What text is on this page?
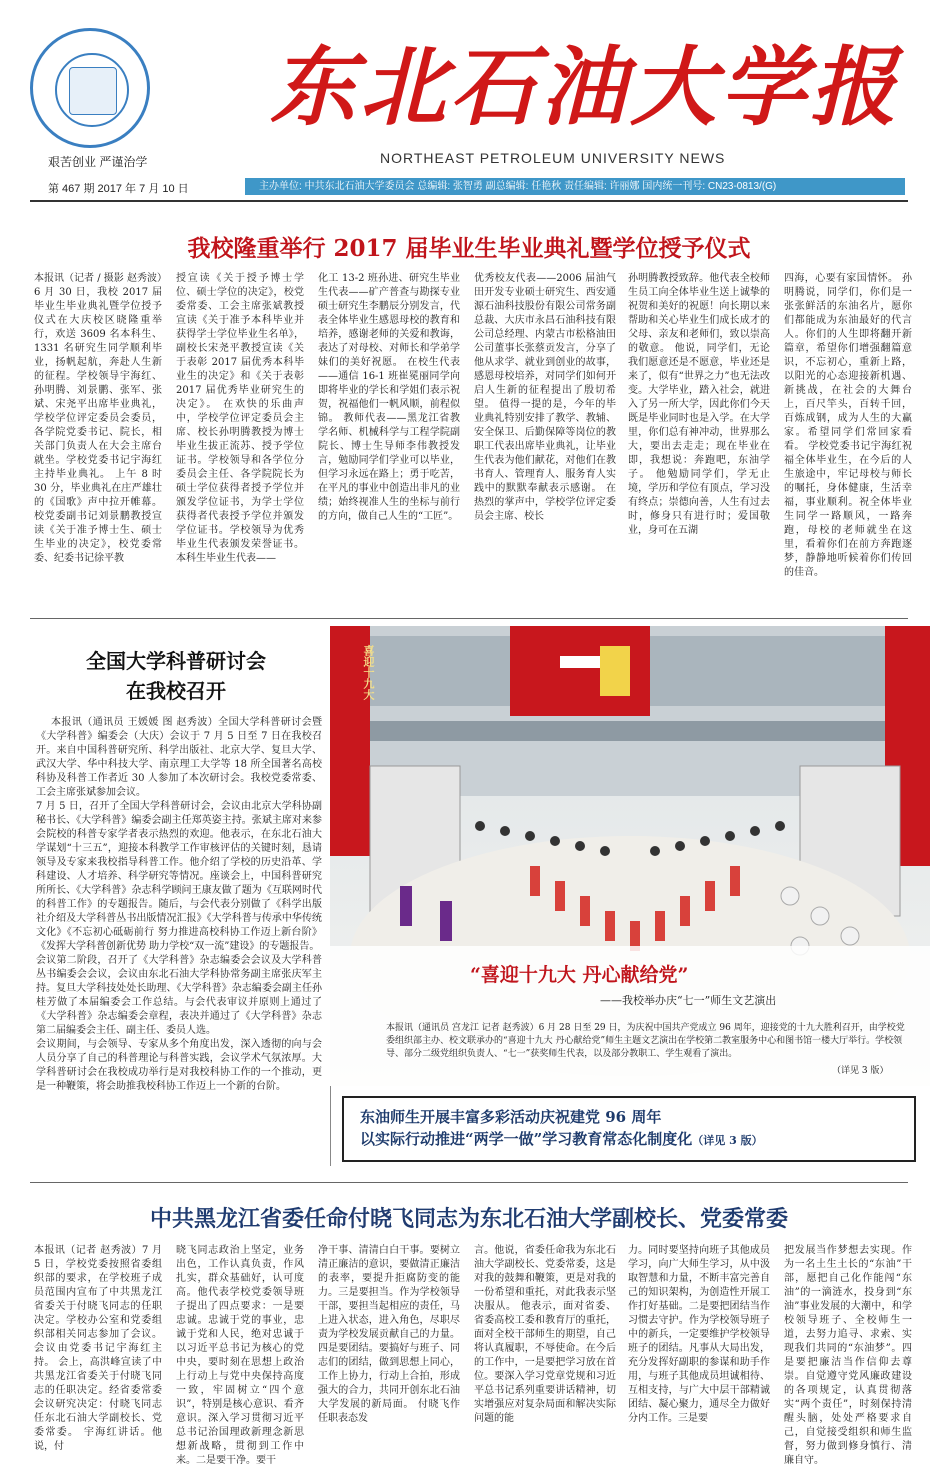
东北石油大学报
NORTHEAST PETROLEUM UNIVERSITY NEWS
艰苦创业 严谨治学
第 467 期 2017 年 7 月 10 日	主办单位: 中共东北石油大学委员会 总编辑: 张智勇 副总编辑: 任艳秋 责任编辑: 许丽娜 国内统一刊号: CN23-0813/(G)
我校隆重举行 2017 届毕业生毕业典礼暨学位授予仪式
本报讯（记者 / 摄影 赵秀波）6 月 30 日，我校 2017 届毕业生毕业典礼暨学位授予仪式在大庆校区晓隆重举行，欢送 3609 名本科生、1331 名研究生同学顺利毕业，扬帆起航，奔赴人生新的征程。学校领导宇海红、孙明腾、刘景鹏、张军、张斌、宋尧平出席毕业典礼，学校学位评定委员会委员，各学院党委书记、院长，相关部门负责人在大会主席台就坐。学校党委书记宇海红主持毕业典礼。 上午 8 时 30 分，毕业典礼在庄严雄壮的《国歌》声中拉开帷幕。 校党委副书记刘景鹏教授宣读《关于准予博士生、硕士生毕业的决定》，校党委常委、纪委书记徐平教
授宣读《关于授予博士学位、硕士学位的决定》，校党委常委、工会主席张斌教授宣读《关于准予本科毕业并获得学士学位毕业生名单》，副校长宋尧平教授宣读《关于表彰 2017 届优秀本科毕业生的决定》和《关于表彰 2017 届优秀毕业研究生的决定》。 在欢快的乐曲声中，学校学位评定委员会主席、校长孙明腾教授为博士毕业生拔正流苏、授予学位证书。学校领导和各学位分委员会主任、各学院院长为硕士学位获得者授予学位并颁发学位证书，为学士学位获得者代表授予学位并颁发学位证书。学校领导为优秀毕业生代表颁发荣誉证书。 本科生毕业生代表——
化工 13-2 班孙进、研究生毕业生代表——矿产普查与勘探专业硕士研究生李鹏辰分别发言，代表全体毕业生感恩母校的教育和培养，感谢老师的关爱和教诲，表达了对母校、对师长和学弟学妹们的美好祝愿。 在校生代表——通信 16-1 班崔冕丽同学向即将毕业的学长和学姐们表示祝贺，祝福他们一帆风顺，前程似锦。 教师代表——黑龙江省教学名师、机械科学与工程学院副院长、博士生导师李伟教授发言，勉励同学们学业可以毕业，但学习永远在路上；勇于吃苦，在平凡的事业中创造出非凡的业绩；始终视准人生的坐标与前行的方向，做自己人生的“工匠”。
优秀校友代表——2006 届油气田开发专业硕士研究生、西安通源石油科技股份有限公司常务副总裁、大庆市永昌石油科技有限公司总经理、内蒙古市松格油田公司董事长张蔡贡发言，分享了他从求学、就业到创业的故事，感恩母校培养，对同学们如何开启人生新的征程提出了殷切希望。 值得一提的是，今年的毕业典礼特别安排了教学、教辅、安全保卫、后勤保障等岗位的教职工代表出席毕业典礼，让毕业生代表为他们献花，对他们在教书育人、管理育人、服务育人实践中的默默奉献表示感谢。 在热烈的掌声中，学校学位评定委员会主席、校长
孙明腾教授致辞。他代表全校师生员工向全体毕业生送上诚挚的祝贺和美好的祝愿！向长期以来帮助和关心毕业生们成长成才的父母、亲友和老师们，致以崇高的敬意。 他说，同学们，无论我们愿意还是不愿意，毕业还是来了，似有“世界之力”也无法改变。大学毕业，踏入社会，就进入了另一所大学，因此你们今天既是毕业同时也是入学。在大学里，你们总有神冲动，世界那么大，要出去走走；现在毕业在即，我想说：奔跑吧，东油学子。 他勉励同学们，学无止境，学历和学位有顶点，学习没有终点；崇德向善，人生有过去时，修身只有进行时；爱国敬业，身可在五湖
四海，心要有家国情怀。 孙明腾说，同学们，你们是一张张鲜活的东油名片，愿你们都能成为东油最好的代言人。你们的人生即将翻开新篇章，希望你们增强翻篇意识，不忘初心，重新上路，以阳光的心态迎接新机遇、新挑战，在社会的大舞台上，百尺竿头，百转千回，百炼成钢，成为人生的大赢家。希望同学们常回家看看。 学校党委书记宇海红祝福全体毕业生，在今后的人生旅途中，牢记母校与师长的嘱托，身体健康，生活幸福，事业顺利。祝全体毕业生同学一路顺风，一路奔跑，母校的老师就坐在这里，看着你们在前方奔跑逐梦，静静地听候着你们传回的佳音。
全国大学科普研讨会
在我校召开
本报讯（通讯员 王媛媛 图 赵秀波）全国大学科普研讨会暨《大学科普》编委会（大庆）会议于 7 月 5 日至 7 日在我校召开。来自中国科普研究所、科学出版社、北京大学、复旦大学、武汉大学、华中科技大学、南京理工大学等 18 所全国著名高校科协及科普工作者近 30 人参加了本次研讨会。我校党委常委、工会主席张斌参加会议。
7 月 5 日，召开了全国大学科普研讨会，会议由北京大学科协副秘书长、《大学科普》编委会副主任郑英姿主持。张斌主席对来参会院校的科普专家学者表示热烈的欢迎。他表示，在东北石油大学谋划“十三五”，迎接本科教学工作审核评估的关键时刻，恳请领导及专家来我校指导科普工作。他介绍了学校的历史沿革、学科建设、人才培养、科学研究等情况。座谈会上，中国科普研究所所长、《大学科普》杂志科学顾问王康友做了题为《互联网时代的科普工作》的专题报告。随后，与会代表分别做了《科学出版社介绍及大学科普丛书出版情况汇报》《大学科普与传承中华传统文化》《不忘初心砥砺前行 努力推进高校科协工作迈上新台阶》《发挥大学科普创新优势 助力学校“双一流”建设》的专题报告。
会议第二阶段，召开了《大学科普》杂志编委会会议及大学科普丛书编委会会议，会议由东北石油大学科协常务副主席张庆军主持。复旦大学科技处处长助理、《大学科普》杂志编委会副主任孙桂芳做了本届编委会工作总结。与会代表审议并原则上通过了《大学科普》杂志编委会章程，表决并通过了《大学科普》杂志第二届编委会主任、副主任、委员人选。
会议期间，与会领导、专家从多个角度出发，深入透彻的向与会人员分享了自己的科普理论与科普实践，会议学术气氛浓厚。大学科普研讨会在我校成功举行是对我校科协工作的一个推动，更是一种鞭策，将会助推我校科协工作迈上一个新的台阶。
喜迎十九大
“喜迎十九大 丹心献给党”
——我校举办庆“七一”师生文艺演出
本报讯（通讯员 宫龙江 记者 赵秀波）6 月 28 日至 29 日，为庆祝中国共产党成立 96 周年，迎接党的十九大胜利召开，由学校党委组织部主办、校文联承办的“喜迎十九大 丹心献给党”师生主题文艺演出在学校第二教室服务中心和图书馆一楼大厅举行。学校领导、部分二级党组织负责人、“七一”获奖师生代表，以及部分教职工、学生观看了演出。
（详见 3 版）
东油师生开展丰富多彩活动庆祝建党 96 周年
以实际行动推进“两学一做”学习教育常态化制度化（详见 3 版）
中共黑龙江省委任命付晓飞同志为东北石油大学副校长、党委常委
本报讯（记者 赵秀波）7 月 5 日，学校党委按照省委组织部的要求，在学校班子成员范围内宣布了中共黑龙江省委关于付晓飞同志的任职决定。学校办公室和党委组织部相关同志参加了会议。会议由党委书记宇海红主持。 会上，高洪峰宣读了中共黑龙江省委关于付晓飞同志的任职决定。经省委常委会议研究决定：付晓飞同志任东北石油大学副校长、党委常委。 宇海红讲话。他说，付
晓飞同志政治上坚定，业务出色，工作认真负责，作风扎实，群众基础好，认可度高。他代表学校党委领导班子提出了四点要求：一是要忠诚。忠诚于党的事业，忠诚于党和人民，绝对忠诚于以习近平总书记为核心的党中央，要时刻在思想上政治上行动上与党中央保持高度一致，牢固树立“四个意识”，特别是核心意识、看齐意识。深入学习贯彻习近平总书记治国理政新理念新思想新战略，贯彻到工作中来。二是要干净。要干
净干事、清清白白干事。要树立清正廉洁的意识，要做清正廉洁的表率，要提升拒腐防变的能力。三是要担当。作为学校领导干部，要担当起相应的责任，马上进入状态，进入角色，尽职尽责为学校发展贡献自己的力量。四是要团结。要搞好与班子、同志们的团结，做到思想上同心，工作上协力，行动上合拍，形成强大的合力，共同开创东北石油大学发展的新局面。 付晓飞作任职表态发
言。他说，省委任命我为东北石油大学副校长、党委常委，这是对我的鼓舞和鞭策，更是对我的一份希望和重托，对此我表示坚决服从。 他表示，面对省委、省委高校工委和教育厅的重托，面对全校干部师生的期望，自己将认真履职，不辱使命。在今后的工作中，一是要把学习放在首位。要深入学习党章党规和习近平总书记系列重要讲话精神，切实增强应对复杂局面和解决实际问题的能
力。同时要坚持向班子其他成员学习，向广大师生学习，从中汲取智慧和力量，不断丰富完善自己的知识架构，为创造性开展工作打好基础。二是要把团结当作习惯去守护。作为学校领导班子中的新兵，一定要维护学校领导班子的团结。凡事从大局出发，充分发挥好副职的参谋和助手作用，与班子其他成员坦诚相待、互相支持，与广大中层干部精诚团结、凝心聚力，通尽全力做好分内工作。三是要
把发展当作梦想去实现。作为一名土生土长的“东油”干部，愿把自己化作能闯“东油”的一滴涟水，投身到“东油”事业发展的大潮中，和学校领导班子、全校师生一道，去努力追寻、求索、实现我们共同的“东油梦”。四是要把廉洁当作信仰去尊崇。自觉遵守党风廉政建设的各项规定，认真贯彻落实“两个责任”，时刻保持清醒头脑，处处严格要求自己，自觉接受组织和师生监督，努力做到修身慎行、清廉自守。
